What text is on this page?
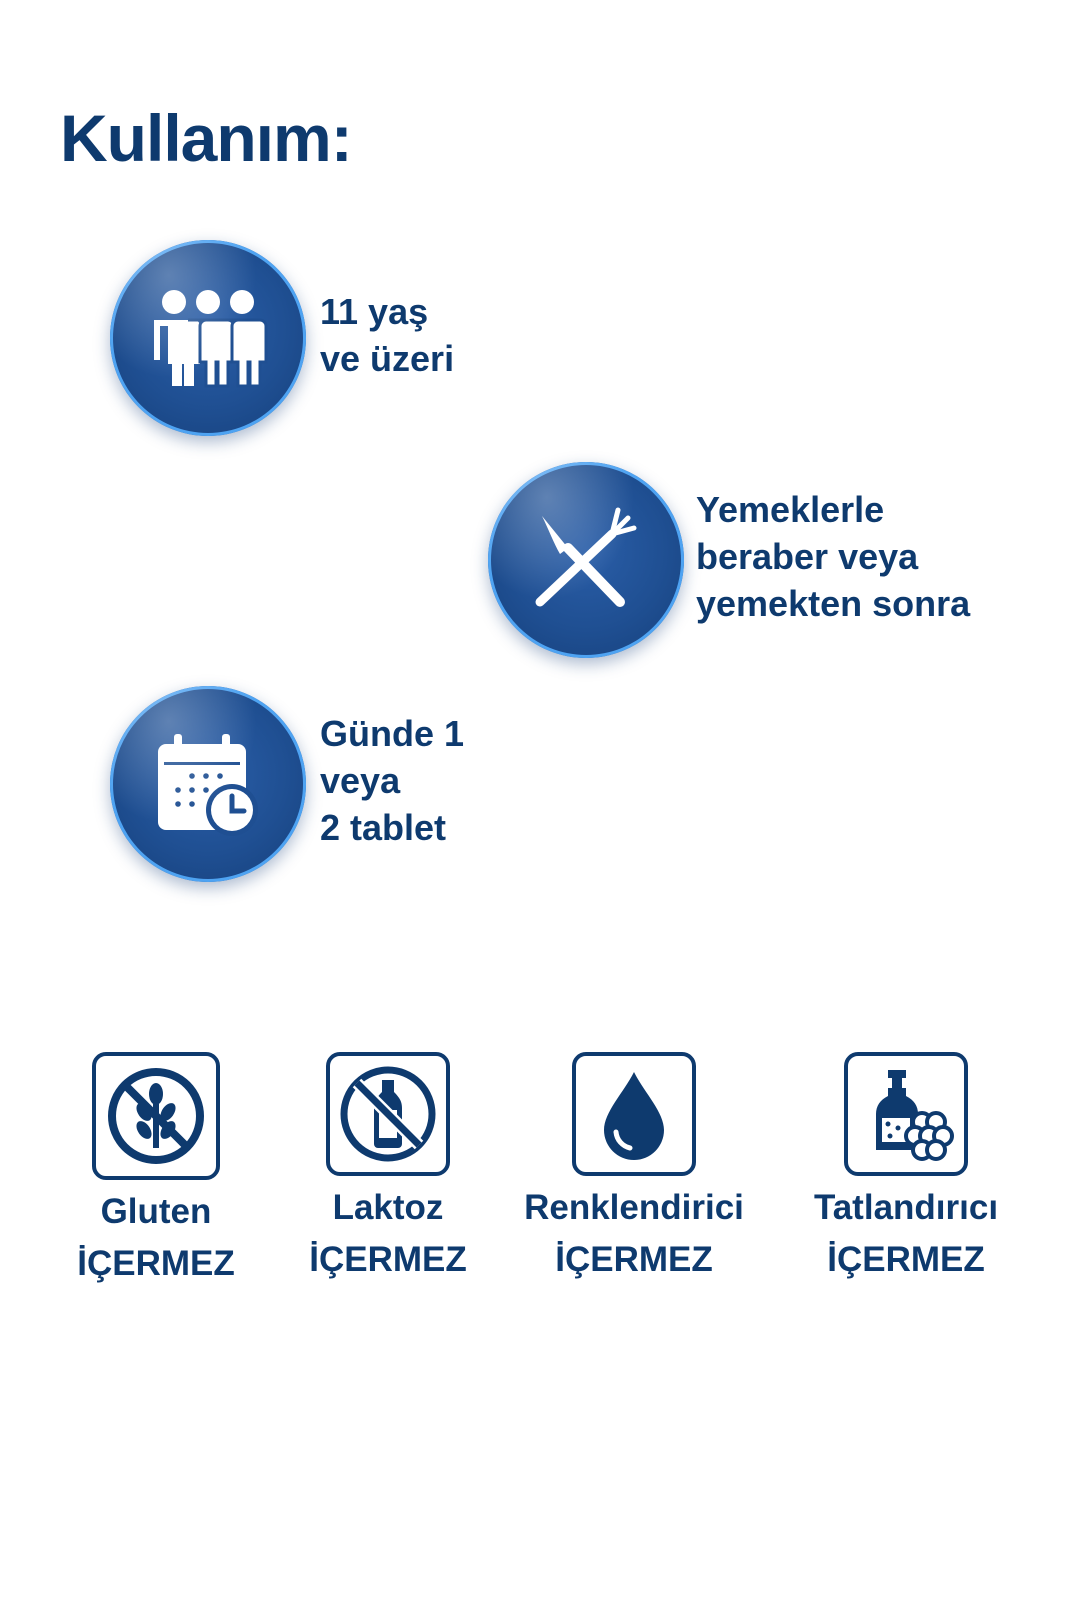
Kullanım:
11 yaş
ve üzeri
Yemeklerle
beraber veya
yemekten sonra
Günde 1
veya
2 tablet
Gluten
İÇERMEZ
Laktoz
İÇERMEZ
Renklendirici
İÇERMEZ
Tatlandırıcı
İÇERMEZ
